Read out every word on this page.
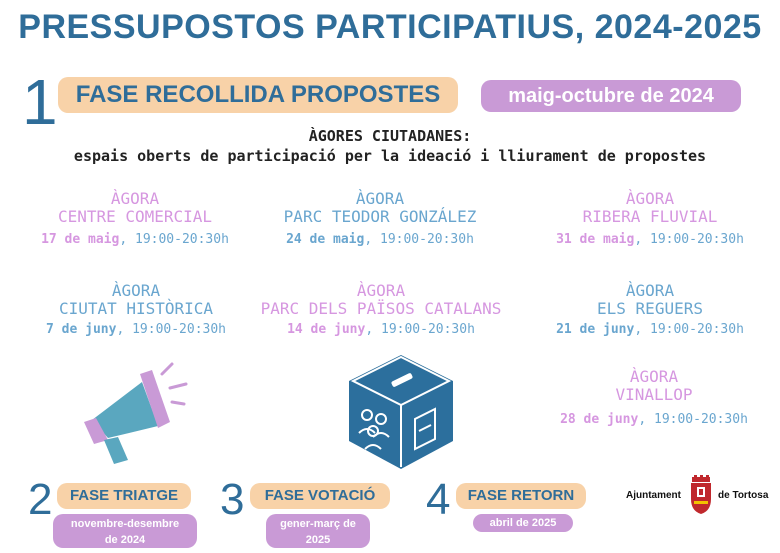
PRESSUPOSTOS PARTICIPATIUS, 2024-2025
1 FASE RECOLLIDA PROPOSTES	maig-octubre de 2024
ÀGORES CIUTADANES:
espais oberts de participació per la ideació i lliurament de propostes
ÀGORA
CENTRE COMERCIAL
17 de maig, 19:00-20:30h
ÀGORA
PARC TEODOR GONZÁLEZ
24 de maig, 19:00-20:30h
ÀGORA
RIBERA FLUVIAL
31 de maig, 19:00-20:30h
ÀGORA
CIUTAT HISTÒRICA
7 de juny, 19:00-20:30h
ÀGORA
PARC DELS PAÏSOS CATALANS
14 de juny, 19:00-20:30h
ÀGORA
ELS REGUERS
21 de juny, 19:00-20:30h
ÀGORA
VINALLOP
28 de juny, 19:00-20:30h
2	FASE TRIATGE
novembre-desembre
de 2024
3	FASE VOTACIÓ
gener-març de
2025
4	FASE RETORN
abril de 2025
Ajuntament	de Tortosa
